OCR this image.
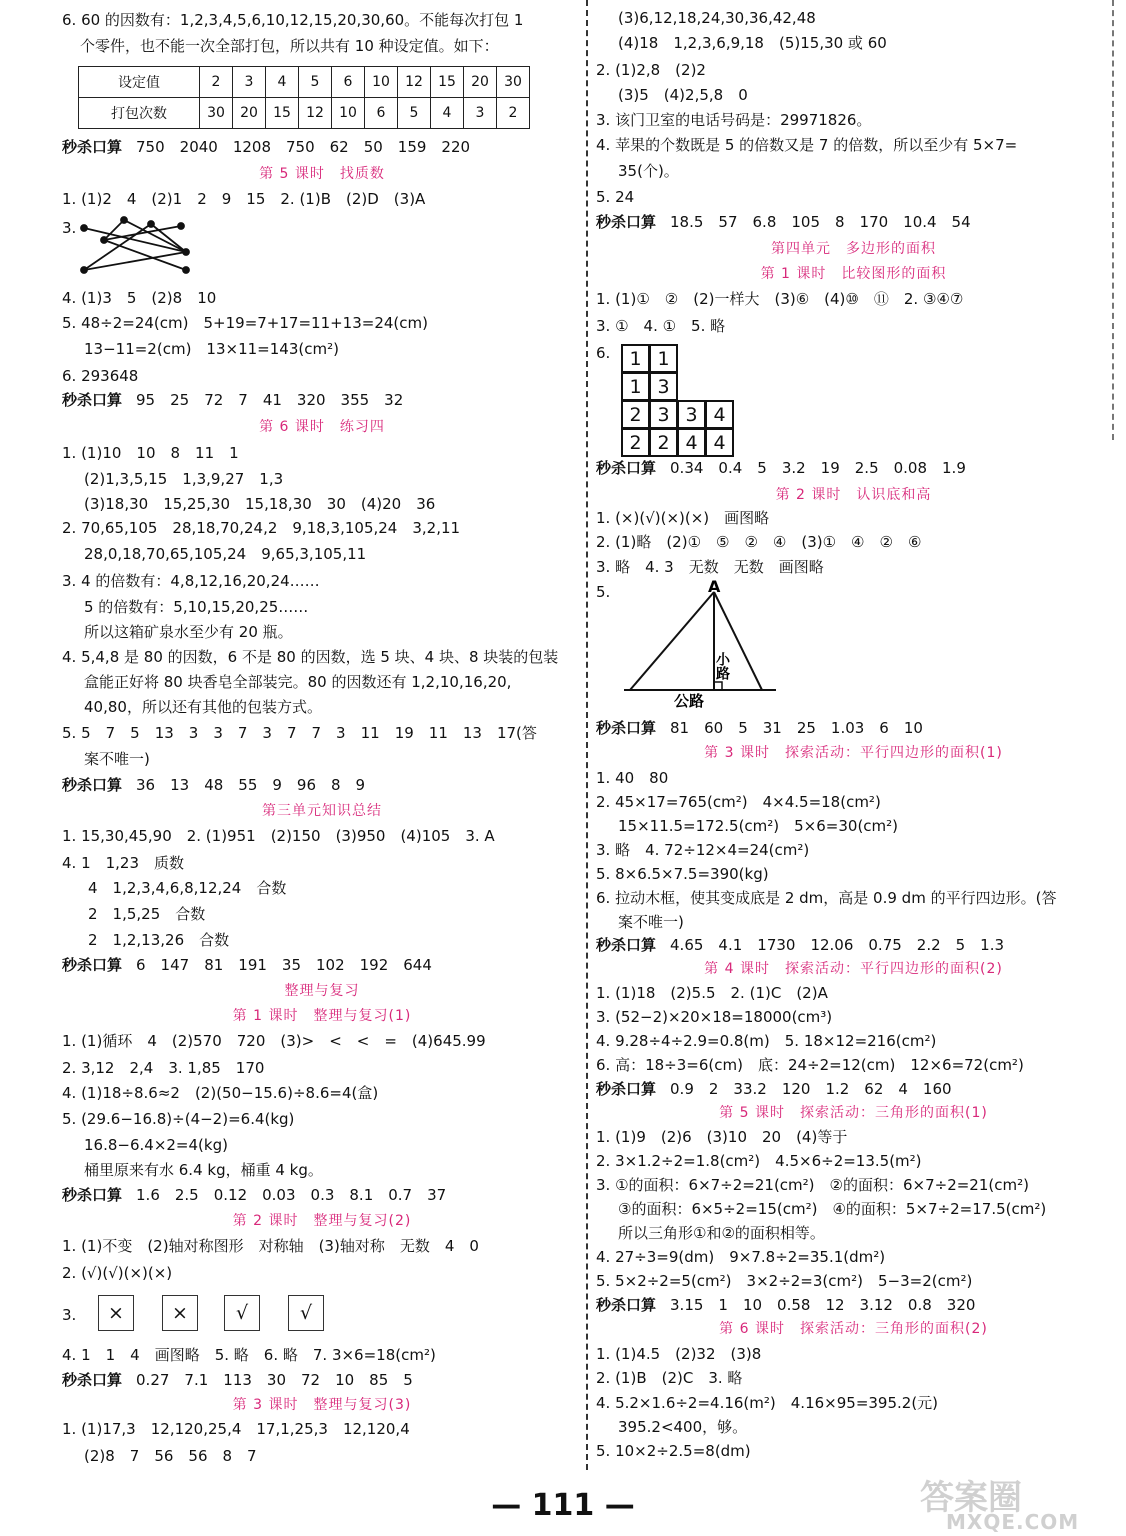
6. 60 的因数有：1,2,3,4,5,6,10,12,15,20,30,60。不能每次打包 1
个零件，也不能一次全部打包，所以共有 10 种设定值。如下：
设定值	2	3	4	5	6	10	12	15	20	30
打包次数	30	20	15	12	10	6	5	4	3	2
秒杀口算 750　2040　1208　750　62　50　159　220
第 5 课时　找质数
1. (1)2　4　(2)1　2　9　15　2. (1)B　(2)D　(3)A
3.
4. (1)3　5　(2)8　10
5. 48÷2=24(cm)　5+19=7+17=11+13=24(cm)
13−11=2(cm)　13×11=143(cm²)
6. 293648
秒杀口算 95　25　72　7　41　320　355　32
第 6 课时　练习四
1. (1)10　10　8　11　1
(2)1,3,5,15　1,3,9,27　1,3
(3)18,30　15,25,30　15,18,30　30　(4)20　36
2. 70,65,105　28,18,70,24,2　9,18,3,105,24　3,2,11
28,0,18,70,65,105,24　9,65,3,105,11
3. 4 的倍数有：4,8,12,16,20,24……
5 的倍数有：5,10,15,20,25……
所以这箱矿泉水至少有 20 瓶。
4. 5,4,8 是 80 的因数，6 不是 80 的因数，选 5 块、4 块、8 块装的包装
盒能正好将 80 块香皂全部装完。80 的因数还有 1,2,10,16,20,
40,80，所以还有其他的包装方式。
5. 5　7　5　13　3　3　7　3　7　7　3　11　19　11　13　17(答
案不唯一)
秒杀口算 36　13　48　55　9　96　8　9
第三单元知识总结
1. 15,30,45,90　2. (1)951　(2)150　(3)950　(4)105　3. A
4. 1　1,23　质数
4　1,2,3,4,6,8,12,24　合数
2　1,5,25　合数
2　1,2,13,26　合数
秒杀口算 6　147　81　191　35　102　192　644
整理与复习
第 1 课时　整理与复习(1)
1. (1)循环　4　(2)570　720　(3)>　<　<　=　(4)645.99
2. 3,12　2,4　3. 1,85　170
4. (1)18÷8.6≈2　(2)(50−15.6)÷8.6=4(盒)
5. (29.6−16.8)÷(4−2)=6.4(kg)
16.8−6.4×2=4(kg)
桶里原来有水 6.4 kg，桶重 4 kg。
秒杀口算 1.6　2.5　0.12　0.03　0.3　8.1　0.7　37
第 2 课时　整理与复习(2)
1. (1)不变　(2)轴对称图形　对称轴　(3)轴对称　无数　4　0
2. (√)(√)(×)(×)
3.	×	×	√	√
4. 1　1　4　画图略　5. 略　6. 略　7. 3×6=18(cm²)
秒杀口算 0.27　7.1　113　30　72　10　85　5
第 3 课时　整理与复习(3)
1. (1)17,3　12,120,25,4　17,1,25,3　12,120,4
(2)8　7　56　56　8　7
(3)6,12,18,24,30,36,42,48
(4)18　1,2,3,6,9,18　(5)15,30 或 60
2. (1)2,8　(2)2
(3)5　(4)2,5,8　0
3. 该门卫室的电话号码是：29971826。
4. 苹果的个数既是 5 的倍数又是 7 的倍数，所以至少有 5×7=
35(个)。
5. 24
秒杀口算 18.5　57　6.8　105　8　170　10.4　54
第四单元　多边形的面积
第 1 课时　比较图形的面积
1. (1)①　②　(2)一样大　(3)⑥　(4)⑩　⑪　2. ③④⑦
3. ①　4. ①　5. 略
6.	1 1
1 3
2 3 3 4
2 2 4 4
秒杀口算 0.34　0.4　5　3.2　19　2.5　0.08　1.9
第 2 课时　认识底和高
1. (×)(√)(×)(×)　画图略
2. (1)略　(2)①　⑤　②　④　(3)①　④　②　⑥
3. 略　4. 3　无数　无数　画图略
5.	A
公路
小路
秒杀口算 81　60　5　31　25　1.03　6　10
第 3 课时　探索活动：平行四边形的面积(1)
1. 40　80
2. 45×17=765(cm²)　4×4.5=18(cm²)
15×11.5=172.5(cm²)　5×6=30(cm²)
3. 略　4. 72÷12×4=24(cm²)
5. 8×6.5×7.5=390(kg)
6. 拉动木框，使其变成底是 2 dm，高是 0.9 dm 的平行四边形。(答
案不唯一)
秒杀口算 4.65　4.1　1730　12.06　0.75　2.2　5　1.3
第 4 课时　探索活动：平行四边形的面积(2)
1. (1)18　(2)5.5　2. (1)C　(2)A
3. (52−2)×20×18=18000(cm³)
4. 9.28÷4÷2.9=0.8(m)　5. 18×12=216(cm²)
6. 高：18÷3=6(cm)　底：24÷2=12(cm)　12×6=72(cm²)
秒杀口算 0.9　2　33.2　120　1.2　62　4　160
第 5 课时　探索活动：三角形的面积(1)
1. (1)9　(2)6　(3)10　20　(4)等于
2. 3×1.2÷2=1.8(cm²)　4.5×6÷2=13.5(m²)
3. ①的面积：6×7÷2=21(cm²)　②的面积：6×7÷2=21(cm²)
③的面积：6×5÷2=15(cm²)　④的面积：5×7÷2=17.5(cm²)
所以三角形①和②的面积相等。
4. 27÷3=9(dm)　9×7.8÷2=35.1(dm²)
5. 5×2÷2=5(cm²)　3×2÷2=3(cm²)　5−3=2(cm²)
秒杀口算 3.15　1　10　0.58　12　3.12　0.8　320
第 6 课时　探索活动：三角形的面积(2)
1. (1)4.5　(2)32　(3)8
2. (1)B　(2)C　3. 略
4. 5.2×1.6÷2=4.16(m²)　4.16×95=395.2(元)
395.2<400，够。
5. 10×2÷2.5=8(dm)
— 111 —	答案圈
MXQE.COM
